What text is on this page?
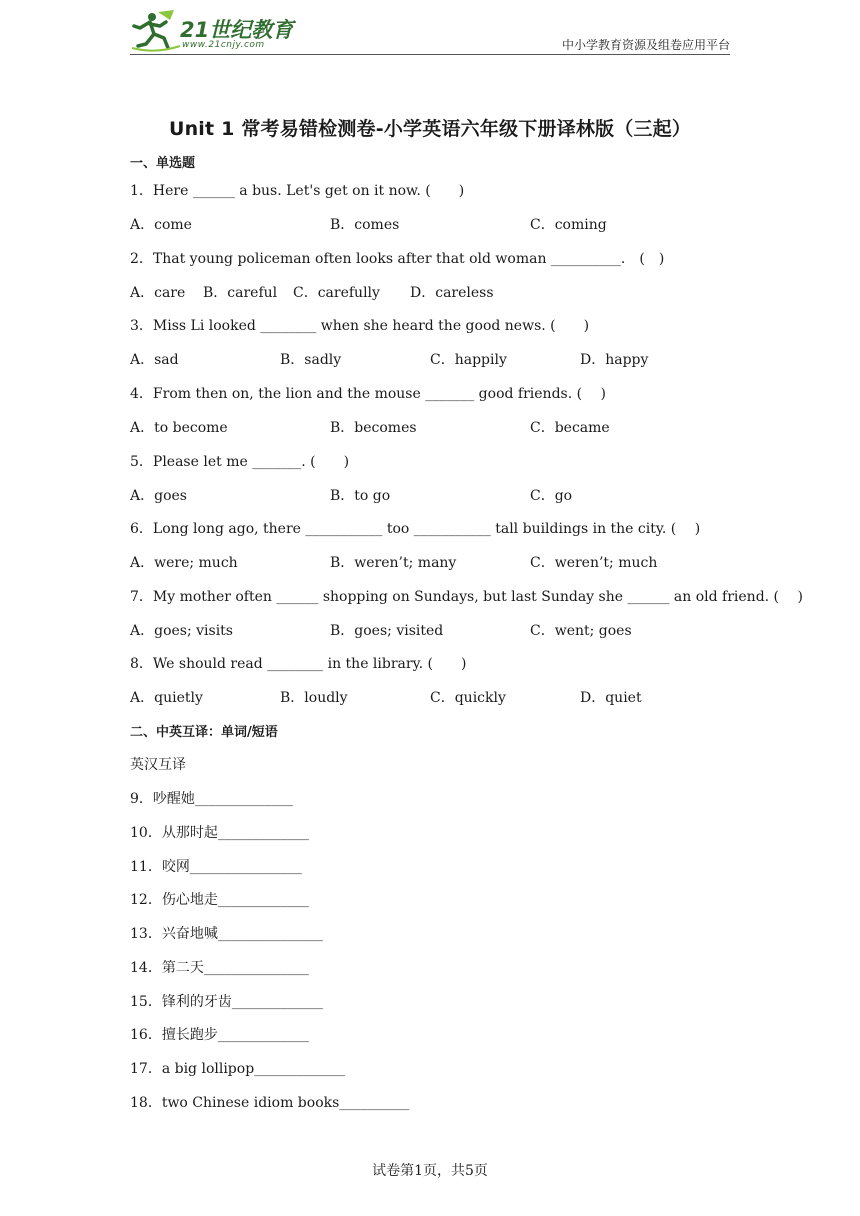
21世纪教育
www.21cnjy.com	中小学教育资源及组卷应用平台
Unit 1 常考易错检测卷-小学英语六年级下册译林版（三起）
一、单选题
1．Here ______ a bus. Let's get on it now. (　　)
A．come	B．comes	C．coming
2．That young policeman often looks after that old woman __________.　(　)
A．care B．careful C．carefully D．careless
3．Miss Li looked ________ when she heard the good news. (　　)
A．sad	B．sadly	C．happily	D．happy
4．From then on, the lion and the mouse _______ good friends. (　 )
A．to become	B．becomes	C．became
5．Please let me _______. (　　)
A．goes	B．to go	C．go
6．Long long ago, there ___________ too ___________ tall buildings in the city. (　 )
A．were; much	B．weren’t; many	C．weren’t; much
7．My mother often ______ shopping on Sundays, but last Sunday she ______ an old friend. (　 )
A．goes; visits	B．goes; visited	C．went; goes
8．We should read ________ in the library. (　　)
A．quietly	B．loudly	C．quickly	D．quiet
二、中英互译：单词/短语
英汉互译
9．吵醒她______________
10．从那时起_____________
11．咬网________________
12．伤心地走_____________
13．兴奋地喊_______________
14．第二天_______________
15．锋利的牙齿_____________
16．擅长跑步_____________
17．a big lollipop_____________
18．two Chinese idiom books__________
试卷第1页，共5页
